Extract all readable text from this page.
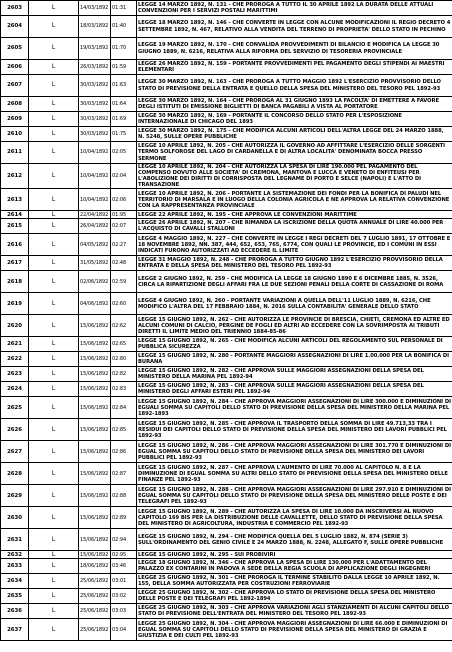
2603	L	14/03/1892	01:31	LEGGE 14 MARZO 1892, N. 131 - CHE PROROGA A TUTTO IL 30 APRILE 1892 LA DURATA DELLE ATTUALI CONVENZIONI PER I SERVIZI POSTALI MARITTIMI
2604	L	18/03/1892	01:40	LEGGE 18 MARZO 1892, N. 146 - CHE CONVERTE IN LEGGE CON ALCUNE MODIFICAZIONI IL REGIO DECRETO 4 SETTEMBRE 1892, N. 467, RELATIVO ALLA VENDITA DEL TERRENO DI PROPRIETA' DELLO STATO IN PECHINO
2605	L	19/03/1892	01:70	LEGGE 19 MARZO 1892, N. 170 - CHE CONVALIDA PROVVEDIMENTI DI BILANCIO E MODIFICA LA LEGGE 30 GIUGNO 1889, N. 6216, RELATIVA ALLA RIFORMA DEL SERVIZIO DI TESORERIA PROVINCIALE
2606	L	26/03/1892	01:59	LEGGE 26 MARZO 1892, N. 159 - PORTANTE PROVVEDIMENTI PEL PAGAMENTO DEGLI STIPENDI AI MAESTRI ELEMENTARI
2607	L	30/03/1892	01:63	LEGGE 30 MARZO 1892, N. 163 - CHE PROROGA A TUTTO MAGGIO 1892 L'ESERCIZIO PROVVISORIO DELLO STATO DI PREVISIONE DELLA ENTRATA E QUELLO DELLA SPESA DEL MINISTERO DEL TESORO PEL 1892-93
2608	L	30/03/1892	01:64	LEGGE 30 MARZO 1892, N. 164 - CHE PROROGA AL 31 GIUGNO 1893 LA FACOLTA' DI EMETTERE A FAVORE DEGLI ISTITUTI DI EMISSIONE BIGLIETTI DI BANCA PAGABILI A VISTA AL PORTATORE
2609	L	30/03/1892	01:69	LEGGE 30 MARZO 1892, N. 169 - PORTANTE IL CONCORSO DELLO STATO PER L'ESPOSIZIONE INTERNAZIONALE DI CHICAGO DEL 1893
2610	L	30/03/1892	01:75	LEGGE 30 MARZO 1892, N. 175 - CHE MODIFICA ALCUNI ARTICOLI DELL'ALTRA LEGGE DEL 24 MARZO 1888, N. 5248, SULLE OPERE PUBBLICHE
2611	L	10/04/1892	02:05	LEGGE 10 APRILE 1892, N. 205 - CHE AUTORIZZA IL GOVERNO AD AFFITTARE L'ESERCIZIO DELLE SORGENTI TERMO SOLFOROSE DEL LAGO DI CARDANELLA E DI ALTRA LOCALITA' DENOMINATA BOCCA PRESSO SERMONE
2612	L	10/04/1892	02:04	LEGGE 10 APRILE 1892, N. 204 - CHE AUTORIZZA LA SPESA DI LIRE 190.000 PEL PAGAMENTO DEL COMPENSO DOVUTO ALLE SOCIETA' DI CREMONA, MANTOVA E LUCCA E VENETO DI ENFITEUSI PER L'ABOLIZIONE DEI DIRITTI DI CORRISPOSTA DEL LEGNAME DI PORTO E SELCE (NAPOLI) E L'ATTO DI TRANSAZIONE
2613	L	10/04/1892	02:06	LEGGE 10 APRILE 1892, N. 206 - PORTANTE LA SISTEMAZIONE DEI FONDI PER LA BONIFICA DI PALUDI NEL TERRITORIO DI MARSALA E IN LUOGO DELLA COLONIA AGRICOLA E NE APPROVA LA RELATIVA CONVENZIONE CON LA RAPPRESENTANZA PROVINCIALE
2614	L	22/04/1892	01:95	LEGGE 22 APRILE 1892, N. 195 - CHE APPROVA LE CONVENZIONI MARITTIME
2615	L	26/04/1892	02:07	LEGGE 26 APRILE 1892, N. 207 - CHE RIMANDA LA ISCRIZIONE DELLA QUOTA ANNUALE DI LIRE 40.000 PER L'ACQUISTO DI CAVALLI STALLONI
2616	L	04/05/1892	02:27	LEGGE 4 MAGGIO 1892, N. 227 - CHE CONVERTE IN LEGGE I REGI DECRETI DEL 7 LUGLIO 1891, 17 OTTOBRE E 18 NOVEMBRE 1892, NN. 387, 444, 652, 653, 765, 6774, CON QUALI LE PROVINCIE, ED I COMUNI IN ESSI INDICATI FURONO AUTORIZZATI AD ECCEDERE IL LIMITE
2617	L	31/05/1892	02:48	LEGGE 31 MAGGIO 1892, N. 248 - CHE PROROGA A TUTTO GIUGNO 1892 L'ESERCIZIO PROVVISORIO DELLA ENTRATA E DELLA SPESA DEL MINISTERO DEL TESORO PEL 1892-93
2618	L	02/06/1892	02:59	LEGGE 2 GIUGNO 1892, N. 259 - CHE MODIFICA LA LEGGE 18 GIUGNO 1890 E 6 DICEMBRE 1885, N. 3526, CIRCA LA RIPARTIZIONE DEGLI AFFARI FRA LE DUE SEZIONI PENALI DELLA CORTE DI CASSAZIONE DI ROMA
2619	L	04/06/1892	02:60	LEGGE 4 GIUGNO 1892, N. 260 - PORTANTE VARIAZIONI A QUELLA DELL'11 LUGLIO 1889, N. 6216, CHE MODIFICO L'ALTRA DEL 17 FEBBRAIO 1884, N. 2016 SULLA CONTABILITA' GENERALE DELLO STATO
2620	L	15/06/1892	02:62	LEGGE 15 GIUGNO 1892, N. 262 - CHE AUTORIZZA LE PROVINCIE DI BRESCIA, CHIETI, CREMONA ED ALTRE ED ALCUNI COMUNI DI CALCIO, PERGINE DE FOGLI ED ALTRI AD ECCEDERE CON LA SOVRIMPOSTA AI TRIBUTI DIRETTI IL LIMITE MEDIO DEL TRIENNIO 1884-85-86
2621	L	15/06/1892	02:65	LEGGE 15 GIUGNO 1892, N. 265 - CHE MODIFICA ALCUNI ARTICOLI DEL REGOLAMENTO SUL PERSONALE DI PUBBLICA SICUREZZA
2622	L	15/06/1892	02:80	LEGGE 15 GIUGNO 1892, N. 280 - PORTANTE MAGGIORI ASSEGNAZIONI DI LIRE 1.00.000 PER LA BONIFICA DI BURANA
2623	L	15/06/1892	02:82	LEGGE 15 GIUGNO 1892, N. 282 - CHE APPROVA SULLE MAGGIORI ASSEGNAZIONI DELLA SPESA DEL MINISTERO DELLA MARINA PEL 1892-94
2624	L	15/06/1892	02:83	LEGGE 15 GIUGNO 1892, N. 283 - CHE APPROVA SULLE MAGGIORI ASSEGNAZIONI DELLA SPESA DEL MINISTERO DEGLI AFFARI ESTERI PEL 1892-94
2625	L	15/06/1892	02:84	LEGGE 15 GIUGNO 1892, N. 284 - CHE APPROVA MAGGIORI ASSEGNAZIONI DI LIRE 300.000 E DIMINUZIONI DI EGUALI SOMMA SU CAPITOLI DELLO STATO DI PREVISIONE DELLA SPESA DEL MINISTERO DELLA MARINA PEL 1892-1893
2626	L	15/06/1892	02:85	LEGGE 15 GIUGNO 1892, N. 285 - CHE APPROVA IL TRASPORTO DELLA SOMMA DI LIRE 49.713,33 TRA I RESIDUI DEI CAPITOLI DELLO STATO DI PREVISIONE DELLA SPESA DEL MINISTERO DEI LAVORI PUBBLICI PEL 1892-93
2627	L	15/06/1892	02:86	LEGGE 15 GIUGNO 1892, N. 286 - CHE APPROVA MAGGIORI ASSEGNAZIONI DI LIRE 301.770 E DIMINUZIONI DI EGUAL SOMMA SU CAPITOLI DELLO STATO DI PREVISIONE DELLA SPESA DEL MINISTERO DEI LAVORI PUBBLICI PEL 1892-93
2628	L	15/06/1892	02:87	LEGGE 15 GIUGNO 1892, N. 287 - CHE APPROVA L'AUMENTO DI LIRE 70.000 AL CAPITOLO N. 8 E LA DIMINUZIONE DI EGUAL SOMMA SU ALTRI DELLO STATO DI PREVISIONE DELLA SPESA DEL MINISTERO DELLE FINANZE PEL 1892-93
2629	L	15/06/1892	02:88	LEGGE 15 GIUGNO 1892, N. 288 - CHE APPROVA MAGGIORI ASSEGNAZIONI DI LIRE 297.910 E DIMINUZIONI DI EGUAL SOMMA SU CAPITOLI DELLO STATO DI PREVISIONE DELLA SPESA DEL MINISTERO DELLE POSTE E DEI TELEGRAFI PEL 1892-93
2630	L	15/06/1892	02:89	LEGGE 15 GIUGNO 1892, N. 289 - CHE AUTORIZZA LA SPESA DI LIRE 10.000 DA INSCRIVERSI AL NUOVO CAPITOLO 169 BIS PER LA DISTRIBUZIONE DELLE CAVALLETTE, DELLO STATO DI PREVISIONE DELLA SPESA DEL MINISTERO DI AGRICOLTURA, INDUSTRIA E COMMERCIO PEL 1892-93
2631	L	15/06/1892	02:94	LEGGE 15 GIUGNO 1892, N. 294 - CHE MODIFICA QUELLA DEL 5 LUGLIO 1882, N. 874 (SERIE 3) SULL'ORDINAMENTO DEL GENIO CIVILE E 24 MARZO 1888, N. 2248, ALLEGATO F, SULLE OPERE PUBBLICHE
2632	L	15/06/1892	02:95	LEGGE 15 GIUGNO 1892, N. 295 - SUI PROBIVIRI
2633	L	18/06/1892	03:46	LEGGE 18 GIUGNO 1892, N. 346 - CHE APPROVA LA SPESA DI LIRE 130.000 PER L'ADATTAMENTO DEL PALAZZO EX CONTARINI IN PADOVA A SEDE DELLA REGIA SCUOLA DI APPLICAZIONE DEGLI INGEGNERI
2634	L	25/06/1892	03:01	LEGGE 25 GIUGNO 1892, N. 301 - CHE PROROGA IL TERMINE STABILITO DALLA LEGGE 10 APRILE 1892, N. 155, DELLA SOMMA AUTORIZZATA PER COSTRUZIONI FERROVIARIE
2635	L	25/06/1892	03:02	LEGGE 25 GIUGNO 1892, N. 302 - CHE APPROVA LO STATO DI PREVISIONE DELLA SPESA DEL MINISTERO DELLE POSTE E DEI TELEGRAFI PEL 1892-1894
2636	L	25/06/1892	03:03	LEGGE 25 GIUGNO 1892, N. 303 - CHE APPROVA VARIAZIONI AGLI STANZIAMENTI DI ALCUNI CAPITOLI DELLO STATO DI PREVISIONE DELL'ENTRATA DEL MINISTERO DEL TESORO PEL 1892-93
2637	L	25/06/1892	03:04	LEGGE 25 GIUGNO 1892, N. 304 - CHE APPROVA MAGGIORI ASSEGNAZIONI DI LIRE 66.000 E DIMINUZIONI DI EGUAL SOMMA SU CAPITOLI DELLO STATO DI PREVISIONE DELLA SPESA DEL MINISTERO DI GRAZIA E GIUSTIZIA E DEI CULTI PEL 1892-93
